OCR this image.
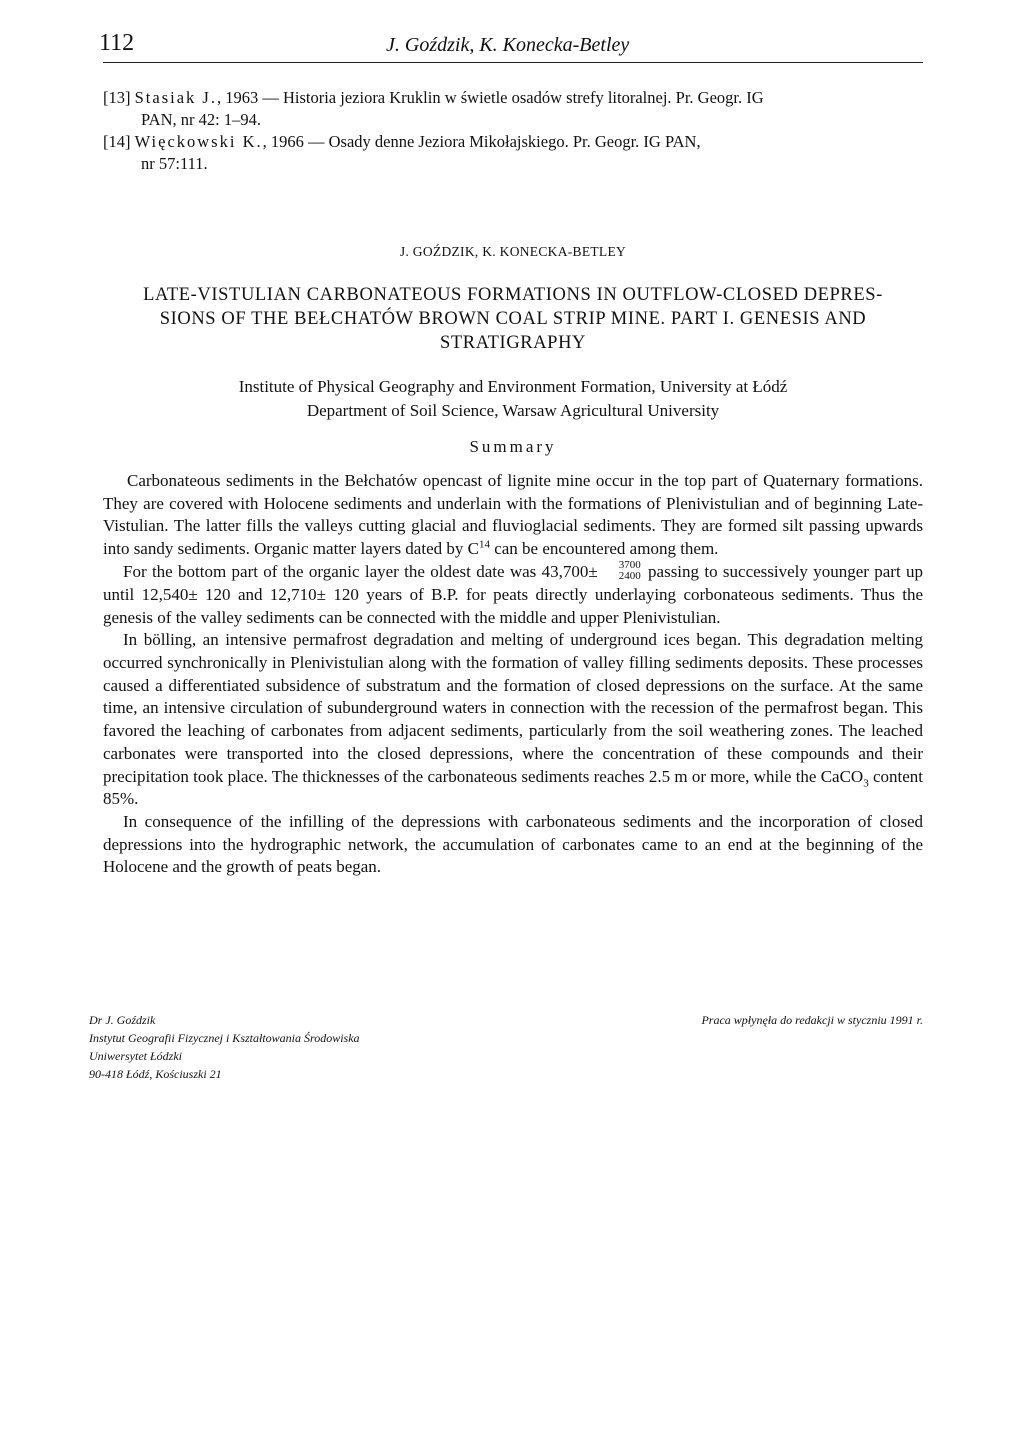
112	J. Goździk, K. Konecka-Betley

[13] Stasiak J., 1963 — Historia jeziora Kruklin w świetle osadów strefy litoralnej. Pr. Geogr. IG
PAN, nr 42: 1–94.

[14] Więckowski K., 1966 — Osady denne Jeziora Mikołajskiego. Pr. Geogr. IG PAN,
nr 57:111.

J. GOŹDZIK, K. KONECKA-BETLEY
LATE-VISTULIAN CARBONATEOUS FORMATIONS IN OUTFLOW-CLOSED DEPRES-
SIONS OF THE BEŁCHATÓW BROWN COAL STRIP MINE. PART I. GENESIS AND
STRATIGRAPHY
Institute of Physical Geography and Environment Formation, University at Łódź
Department of Soil Science, Warsaw Agricultural University
Summary

Carbonateous sediments in the Bełchatów opencast of lignite mine occur in the top part of Quaternary formations. They are covered with Holocene sediments and underlain with the formations of Plenivistulian and of beginning Late-Vistulian. The latter fills the valleys cutting glacial and fluvioglacial sediments. They are formed silt passing upwards into sandy sediments. Organic matter layers dated by $C^{14}$ can be encountered among them.

For the bottom part of the organic layer the oldest date was 43,700±	3700
2400 passing to successively younger part up until 12,540± 120 and 12,710± 120 years of B.P. for peats directly underlaying corbonateous sediments. Thus the genesis of the valley sediments can be connected with the middle and upper Plenivistulian.

In bölling, an intensive permafrost degradation and melting of underground ices began. This degradation melting occurred synchronically in Plenivistulian along with the formation of valley filling sediments deposits. These processes caused a differentiated subsidence of substratum and the formation of closed depressions on the surface. At the same time, an intensive circulation of subunderground waters in connection with the recession of the permafrost began. This favored the leaching of carbonates from adjacent sediments, particularly from the soil weathering zones. The leached carbonates were transported into the closed depressions, where the concentration of these compounds and their precipitation took place. The thicknesses of the carbonateous sediments reaches 2.5 m or more, while the CaCO$_3$ content 85%.

In consequence of the infilling of the depressions with carbonateous sediments and the incorporation of closed depressions into the hydrographic network, the accumulation of carbonates came to an end at the beginning of the Holocene and the growth of peats began.

Dr J. Goździk
Instytut Geografii Fizycznej i Kształtowania Środowiska
Uniwersytet Łódzki
90-418 Łódź, Kościuszki 21
Praca wpłynęła do redakcji w styczniu 1991 r.
